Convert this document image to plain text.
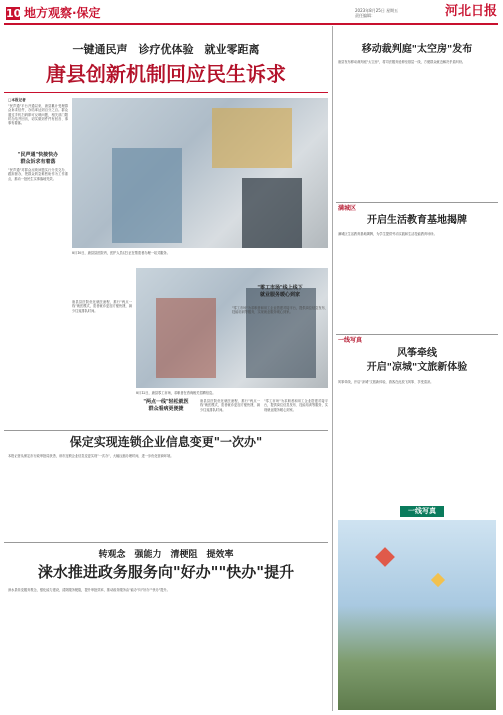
10 地方观察·保定	2023年8月25日 星期五
责任编辑：	河北日报
一键通民声　诊疗优体验　就业零距离
唐县创新机制回应民生诉求
□本报记者
"民声通"平台开通以来，唐县累计受理群众诉求信件，办结率达到百分之百。群众通过手机扫码即可反映问题，相关部门限时办结并回访，切实做到件件有回音、事事有着落。
"民声通"快接快办
群众诉求有着落
"民声通"对群众反映问题实行分类交办、跟踪督办，把群众的急难愁盼作为工作重点，推动一批民生实事落地见效。
唐县县医院优化就医流程，推行"两点一线"就医模式，患者就诊更加方便快捷，减少往返排队时间。
8月10日，唐县县医院内，医护人员(左)正在帮患者办理一站式服务。
8月12日，唐县零工市场，求职者在咨询相关招聘信息。
"两点一线"轻松就医
群众看病更便捷
唐县县医院优化就医流程，推行"两点一线"就医模式，患者就诊更加方便快捷，减少往返排队时间。
"零工市场"为求职者和用工企业搭建对接平台，提供岗位信息发布、技能培训等服务，实现就业服务暖心到家。
保定实现连锁企业信息变更"一次办"
本报记者从保定市行政审批局获悉，该市连锁企业信息变更实现"一次办"，大幅压缩办理时间，进一步优化营商环境。
"零工市场"为求职者和用工企业搭建对接平台，提供岗位信息发布、技能培训等服务，实现就业服务暖心到家。
"零工市场"线上线下
就业服务暖心到家
转观念　强能力　清梗阻　提效率
涞水推进政务服务向"好办""快办"提升
涞水县转变服务观念，强化能力建设，清除服务梗阻，提升审批效率，推动政务服务由"能办"向"好办""快办"提升。
移动裁判庭"太空房"发布
唐县发布移动裁判庭"太空房"，将司法服务延伸至基层一线，方便群众就近解决矛盾纠纷。
满城区
开启生活教育基地揭牌
满城区生活教育基地揭牌，为学生提供劳动实践和生活技能教育场所。
一线写真
风筝牵线
开启"凉城"文旅新体验
风筝牵线，开启"凉城"文旅新体验，游客在此放飞风筝、享受清凉。
一线写真
